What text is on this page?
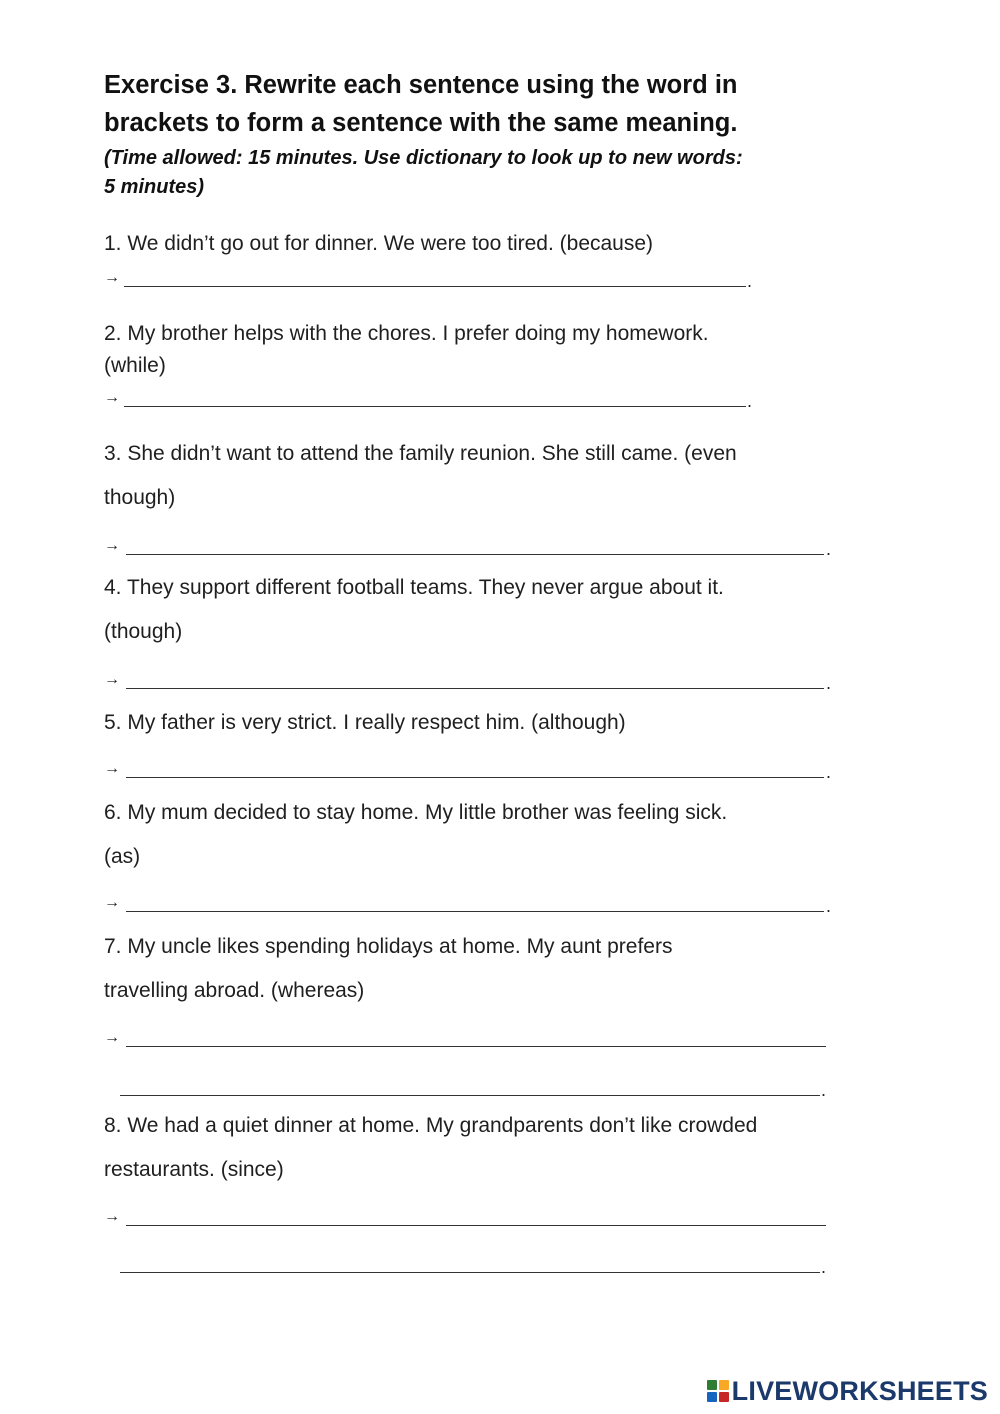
Exercise 3. Rewrite each sentence using the word in
brackets to form a sentence with the same meaning.

(Time allowed: 15 minutes. Use dictionary to look up to new words:
5 minutes)

1. We didn’t go out for dinner. We were too tired. (because)
→	.
2. My brother helps with the chores. I prefer doing my homework.
(while)
→	.
3. She didn’t want to attend the family reunion. She still came. (even
though)
→	.
4. They support different football teams. They never argue about it.
(though)
→	.
5. My father is very strict. I really respect him. (although)
→	.
6. My mum decided to stay home. My little brother was feeling sick.
(as)
→	.
7. My uncle likes spending holidays at home. My aunt prefers
travelling abroad. (whereas)
→
.
8. We had a quiet dinner at home. My grandparents don’t like crowded
restaurants. (since)
→
.
LIVEWORKSHEETS
